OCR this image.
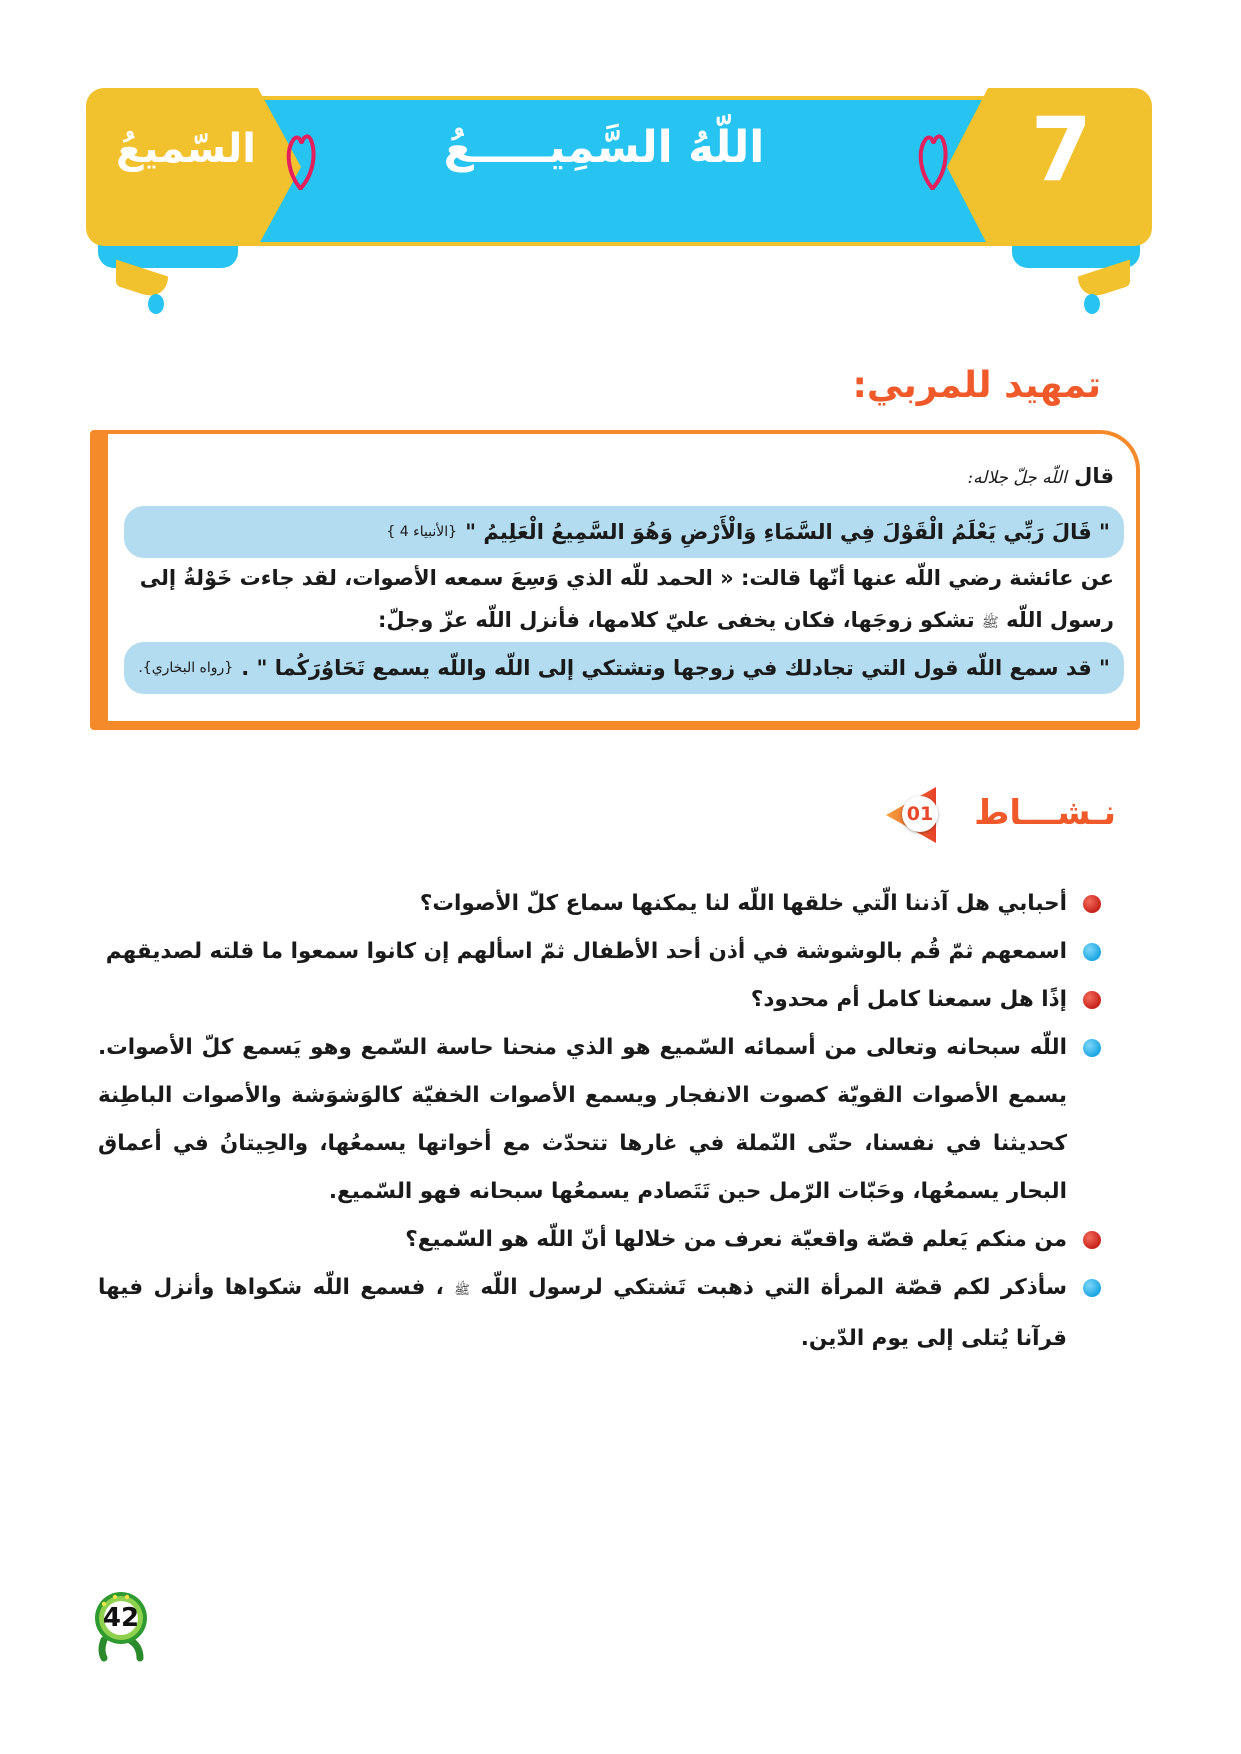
السّميعُ	7
اللّهُ السَّمِيـــــعُ
تمهيد للمربي:
قال اللّه جلّ جلاله:
" قَالَ رَبِّي يَعْلَمُ الْقَوْلَ فِي السَّمَاءِ وَالْأَرْضِ وَهُوَ السَّمِيعُ الْعَلِيمُ "
{الأنبياء 4 }
عن عائشة رضي اللّه عنها أنّها قالت: « الحمد للّه الذي وَسِعَ سمعه الأصوات، لقد جاءت خَوْلةُ إلى
رسول اللّه ﷺ تشكو زوجَها، فكان يخفى عليّ كلامها، فأنزل اللّه عزّ وجلّ:
" قد سمع اللّه قول التي تجادلك في زوجها وتشتكي إلى اللّه واللّه يسمع تَحَاوُرَكُما " .
{رواه البخاري}.
نـشـــاط
01
أحبابي هل آذننا الّتي خلقها اللّه لنا يمكنها سماع كلّ الأصوات؟
اسمعهم ثمّ قُم بالوشوشة في أذن أحد الأطفال ثمّ اسألهم إن كانوا سمعوا ما قلته لصديقهم
إذًا هل سمعنا كامل أم محدود؟
اللّه سبحانه وتعالى من أسمائه السّميع هو الذي منحنا حاسة السّمع وهو يَسمع كلّ الأصوات. يسمع الأصوات القويّة كصوت الانفجار ويسمع الأصوات الخفيّة كالوَشوَشة والأصوات الباطِنة كحديثنا في نفسنا، حتّى النّملة في غارها تتحدّث مع أخواتها يسمعُها، والحِيتانُ في أعماق البحار يسمعُها، وحَبّات الرّمل حين تَتَصادم يسمعُها سبحانه فهو السّميع.
من منكم يَعلم قصّة واقعيّة نعرف من خلالها أنّ اللّه هو السّميع؟
سأذكر لكم قصّة المرأة التي ذهبت تَشتكي لرسول اللّه ﷺ ، فسمع اللّه شكواها وأنزل فيها قرآنا يُتلى إلى يوم الدّين.
42
